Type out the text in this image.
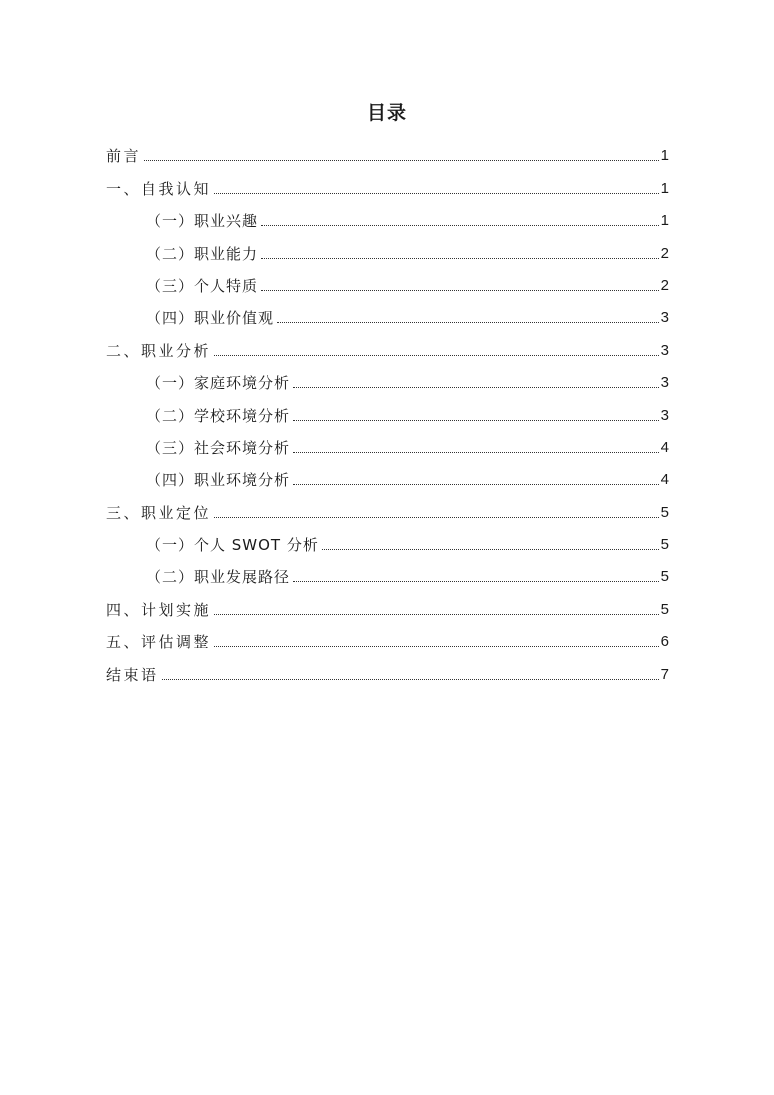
目录
前言	1
一、自我认知	1
（一）职业兴趣	1
（二）职业能力	2
（三）个人特质	2
（四）职业价值观	3
二、职业分析	3
（一）家庭环境分析	3
（二）学校环境分析	3
（三）社会环境分析	4
（四）职业环境分析	4
三、职业定位	5
（一）个人 SWOT 分析	5
（二）职业发展路径	5
四、计划实施	5
五、评估调整	6
结束语	7
